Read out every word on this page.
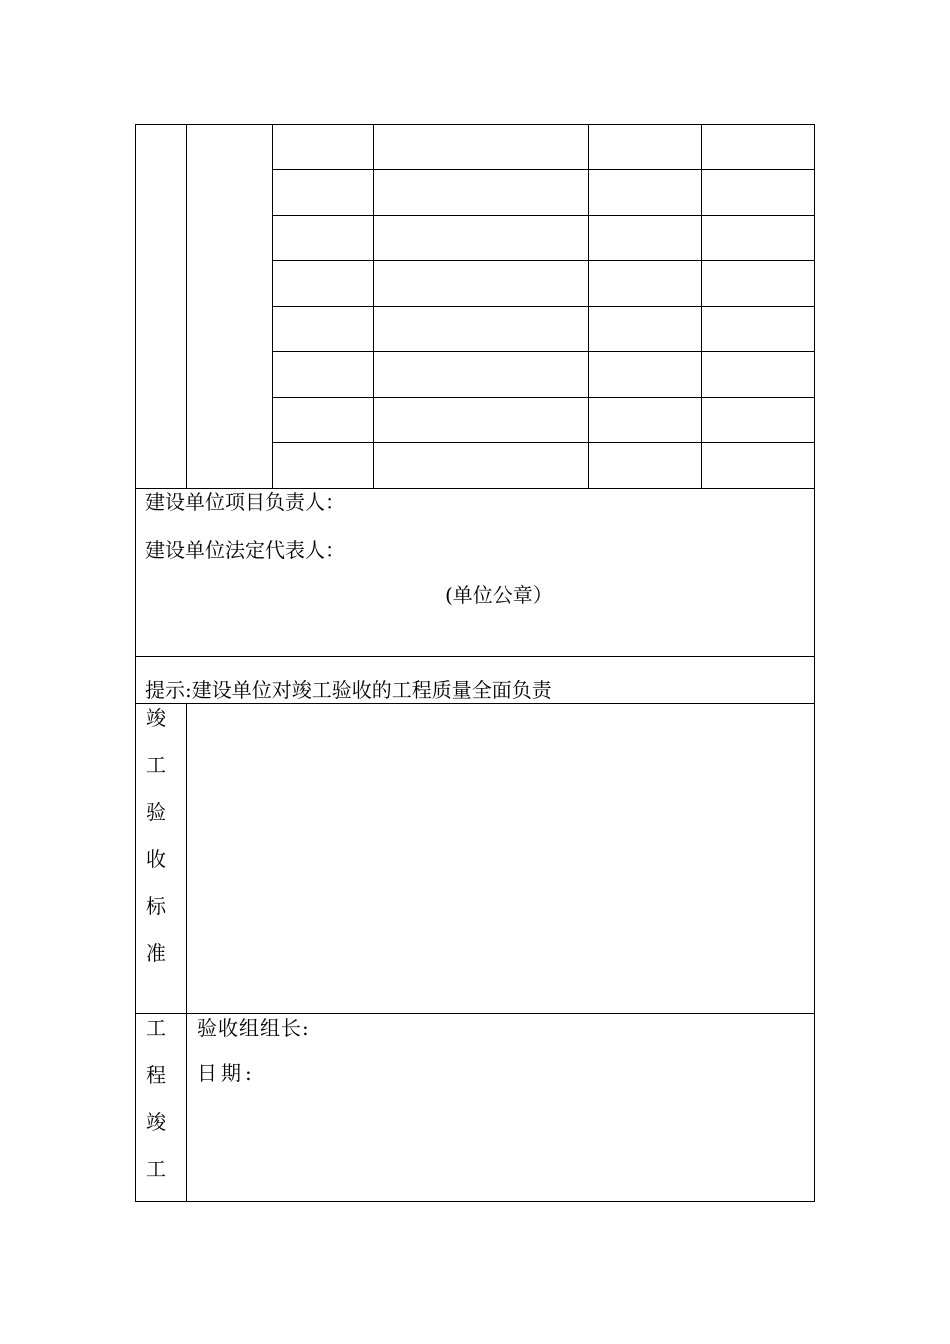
建设单位项目负责人：
建设单位法定代表人：
(单位公章）
提示:建设单位对竣工验收的工程质量全面负责
竣
工
验
收
标
准
工
程
竣
工
验收组组长:
日期:
